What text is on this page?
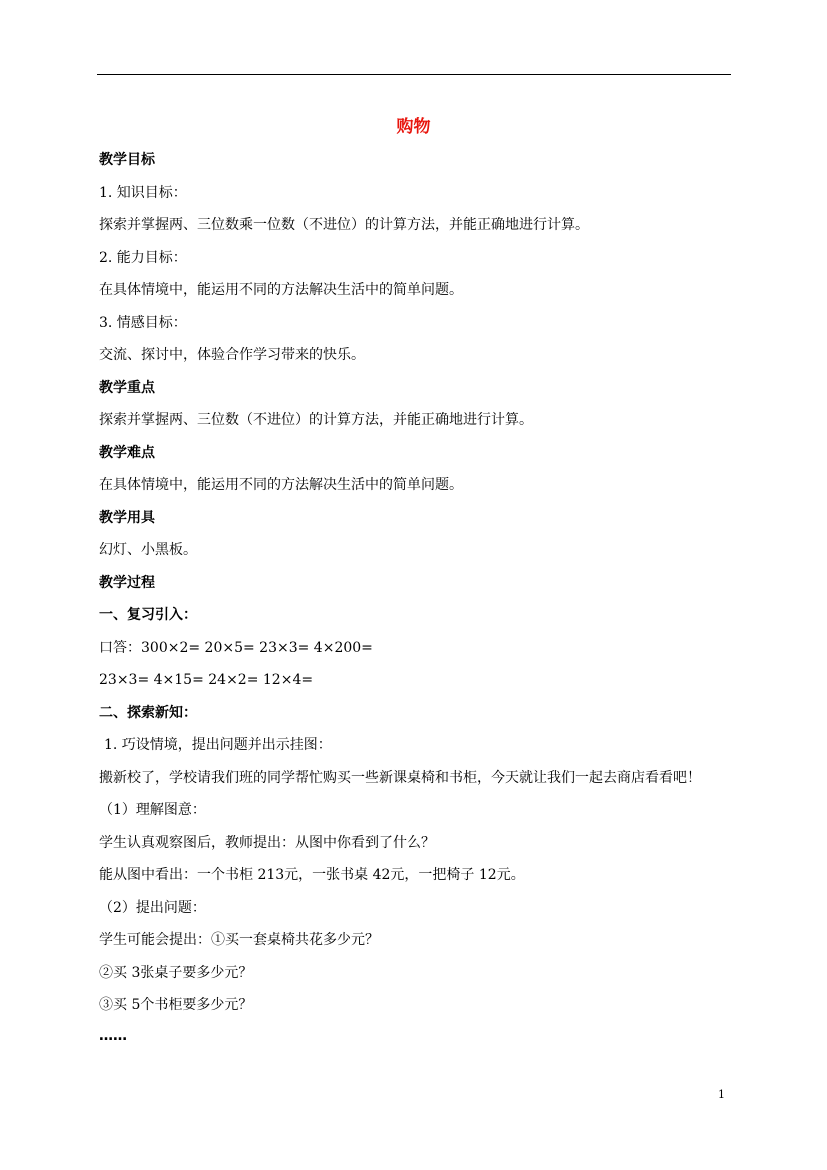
购物
教学目标
1. 知识目标：
探索并掌握两、三位数乘一位数（不进位）的计算方法，并能正确地进行计算。
2. 能力目标：
在具体情境中，能运用不同的方法解决生活中的简单问题。
3. 情感目标：
交流、探讨中，体验合作学习带来的快乐。
教学重点
探索并掌握两、三位数（不进位）的计算方法，并能正确地进行计算。
教学难点
在具体情境中，能运用不同的方法解决生活中的简单问题。
教学用具
幻灯、小黑板。
教学过程
一、复习引入：
口答：300×2= 20×5= 23×3= 4×200=
23×3= 4×15= 24×2= 12×4=
二、探索新知：
1. 巧设情境，提出问题并出示挂图：
搬新校了，学校请我们班的同学帮忙购买一些新课桌椅和书柜，今天就让我们一起去商店看看吧！
（1）理解图意：
学生认真观察图后，教师提出：从图中你看到了什么？
能从图中看出：一个书柜 213元，一张书桌 42元，一把椅子 12元。
（2）提出问题：
学生可能会提出：①买一套桌椅共花多少元？
②买 3张桌子要多少元？
③买 5个书柜要多少元？
……
1
